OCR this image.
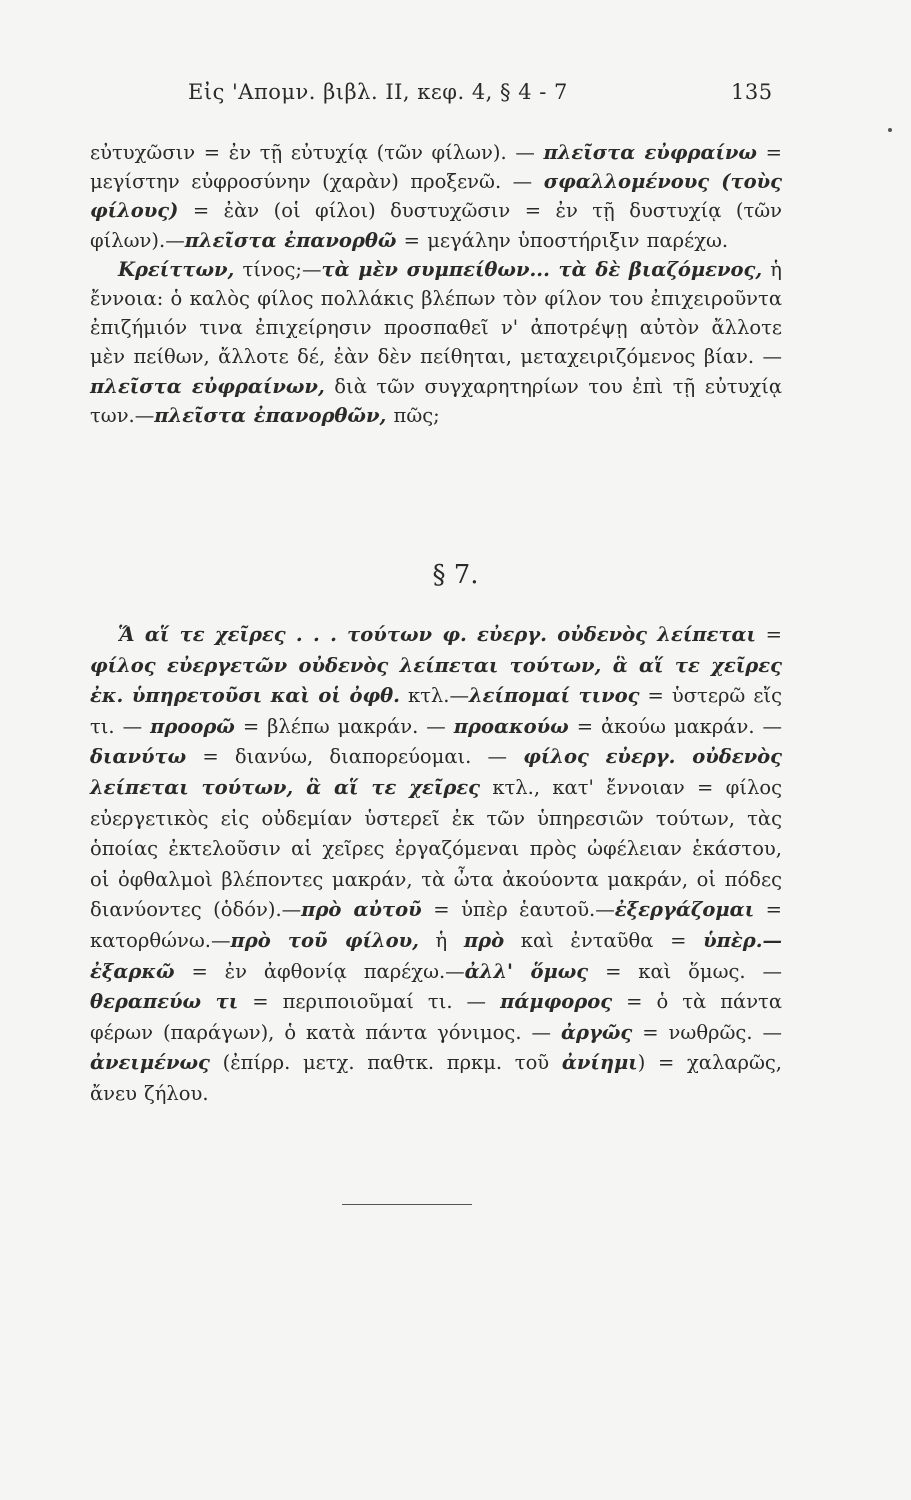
Εἰς 'Απομν. βιβλ. ΙΙ, κεφ. 4, § 4 - 7	135

εὐτυχῶσιν = ἐν τῇ εὐτυχίᾳ (τῶν φίλων). — πλεῖστα εὐφραίνω = μεγίστην εὐφροσύνην (χαρὰν) προξενῶ. — σφαλλομένους (τοὺς φίλους) = ἐὰν (οἱ φίλοι) δυστυχῶσιν = ἐν τῇ δυστυχίᾳ (τῶν φίλων).—πλεῖστα ἐπανορθῶ = μεγάλην ὑποστήριξιν παρέχω.

Κρείττων, τίνος;—τὰ μὲν συμπείθων... τὰ δὲ βιαζόμενος, ἡ ἔννοια: ὁ καλὸς φίλος πολλάκις βλέπων τὸν φίλον του ἐπιχειροῦντα ἐπιζήμιόν τινα ἐπιχείρησιν προσπαθεῖ ν' ἀποτρέψῃ αὐτὸν ἄλλοτε μὲν πείθων, ἄλλοτε δέ, ἐὰν δὲν πείθηται, μεταχειριζόμενος βίαν. — πλεῖστα εὐφραίνων, διὰ τῶν συγχαρητηρίων του ἐπὶ τῇ εὐτυχίᾳ των.—πλεῖστα ἐπανορθῶν, πῶς;

§ 7.

Ἅ αἵ τε χεῖρες . . . τούτων φ. εὐεργ. οὐδενὸς λείπεται = φίλος εὐεργετῶν οὐδενὸς λείπεται τούτων, ἃ αἵ τε χεῖρες ἐκ. ὑπηρετοῦσι καὶ οἱ ὀφθ. κτλ.—λείπομαί τινος = ὑστερῶ εἴς τι. — προορῶ = βλέπω μακράν. — προακούω = ἀκούω μακράν. — διανύτω = διανύω, διαπορεύομαι. — φίλος εὐεργ. οὐδενὸς λείπεται τούτων, ἃ αἵ τε χεῖρες κτλ., κατ' ἔννοιαν = φίλος εὐεργετικὸς εἰς οὐδεμίαν ὑστερεῖ ἐκ τῶν ὑπηρεσιῶν τούτων, τὰς ὁποίας ἐκτελοῦσιν αἱ χεῖρες ἐργαζόμεναι πρὸς ὠφέλειαν ἑκάστου, οἱ ὀφθαλμοὶ βλέποντες μακράν, τὰ ὦτα ἀκούοντα μακράν, οἱ πόδες διανύοντες (ὁδόν).—πρὸ αὐτοῦ = ὑπὲρ ἑαυτοῦ.—ἐξεργάζομαι = κατορθώνω.—πρὸ τοῦ φίλου, ἡ πρὸ καὶ ἐνταῦθα = ὑπὲρ.—ἐξαρκῶ = ἐν ἀφθονίᾳ παρέχω.—ἀλλ' ὅμως = καὶ ὅμως. — θεραπεύω τι = περιποιοῦμαί τι. — πάμφορος = ὁ τὰ πάντα φέρων (παράγων), ὁ κατὰ πάντα γόνιμος. — ἀργῶς = νωθρῶς. — ἀνειμένως (ἐπίρρ. μετχ. παθτκ. πρκμ. τοῦ ἀνίημι) = χαλαρῶς, ἄνευ ζήλου.
